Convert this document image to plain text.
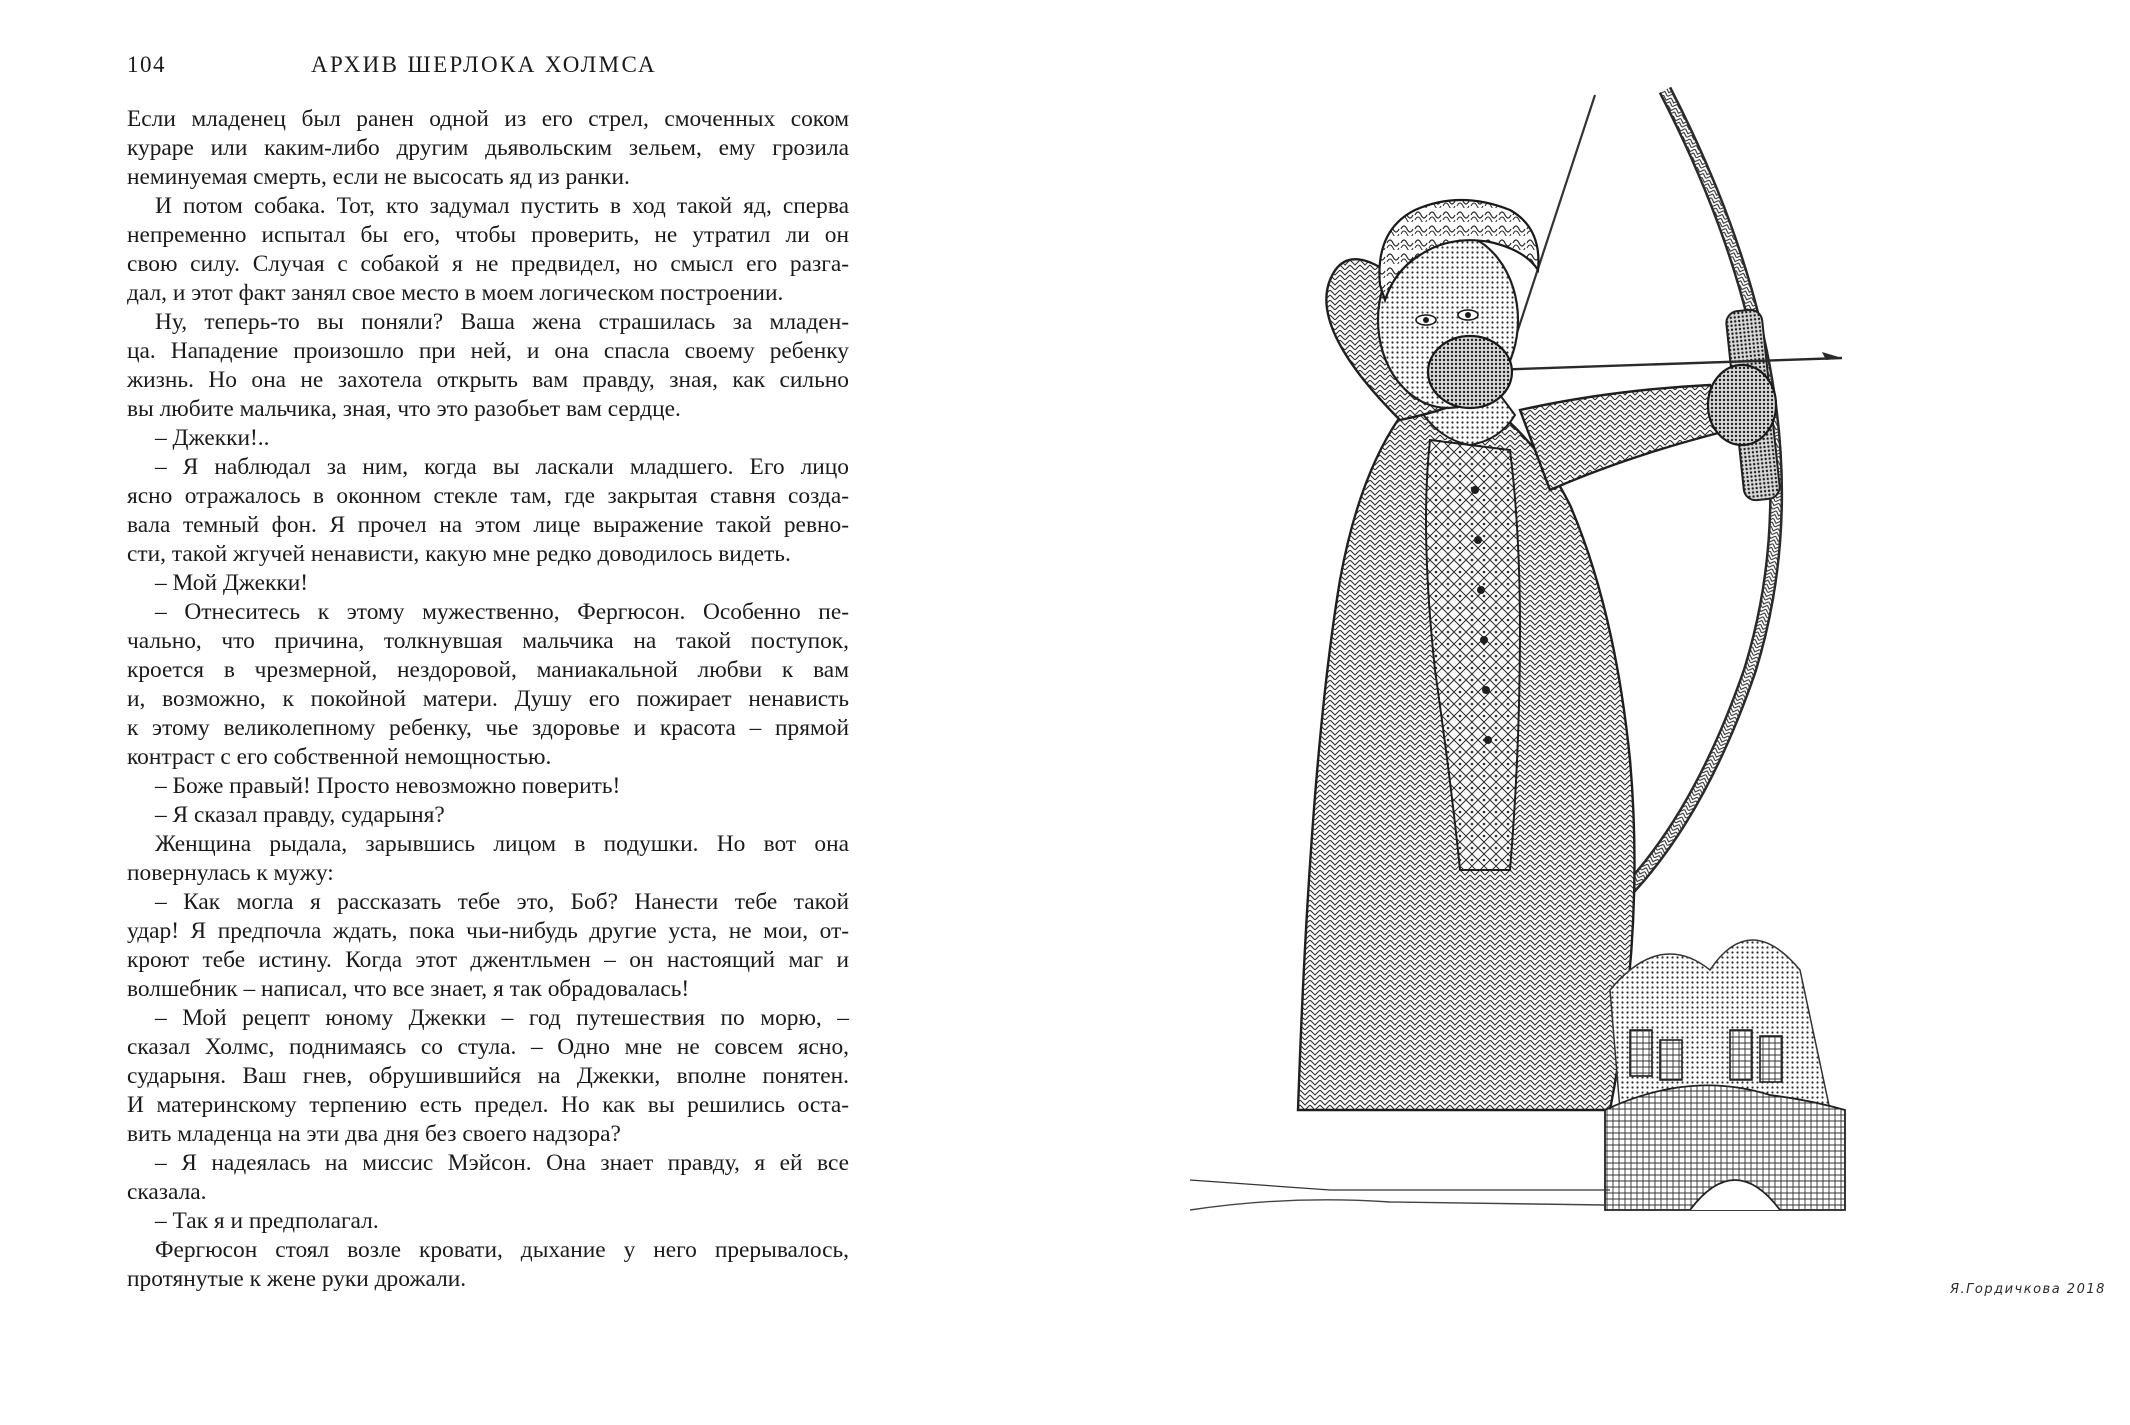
104	АРХИВ ШЕРЛОКА ХОЛМСА
Если младенец был ранен одной из его стрел, смоченных соком
кураре или каким-либо другим дьявольским зельем, ему грозила
неминуемая смерть, если не высосать яд из ранки.
И потом собака. Тот, кто задумал пустить в ход такой яд, сперва
непременно испытал бы его, чтобы проверить, не утратил ли он
свою силу. Случая с собакой я не предвидел, но смысл его разга-
дал, и этот факт занял свое место в моем логическом построении.
Ну, теперь-то вы поняли? Ваша жена страшилась за младен-
ца. Нападение произошло при ней, и она спасла своему ребенку
жизнь. Но она не захотела открыть вам правду, зная, как сильно
вы любите мальчика, зная, что это разобьет вам сердце.
– Джекки!..
– Я наблюдал за ним, когда вы ласкали младшего. Его лицо
ясно отражалось в оконном стекле там, где закрытая ставня созда-
вала темный фон. Я прочел на этом лице выражение такой ревно-
сти, такой жгучей ненависти, какую мне редко доводилось видеть.
– Мой Джекки!
– Отнеситесь к этому мужественно, Фергюсон. Особенно пе-
чально, что причина, толкнувшая мальчика на такой поступок,
кроется в чрезмерной, нездоровой, маниакальной любви к вам
и, возможно, к покойной матери. Душу его пожирает ненависть
к этому великолепному ребенку, чье здоровье и красота – прямой
контраст с его собственной немощностью.
– Боже правый! Просто невозможно поверить!
– Я сказал правду, сударыня?
Женщина рыдала, зарывшись лицом в подушки. Но вот она
повернулась к мужу:
– Как могла я рассказать тебе это, Боб? Нанести тебе такой
удар! Я предпочла ждать, пока чьи-нибудь другие уста, не мои, от-
кроют тебе истину. Когда этот джентльмен – он настоящий маг и
волшебник – написал, что все знает, я так обрадовалась!
– Мой рецепт юному Джекки – год путешествия по морю, –
сказал Холмс, поднимаясь со стула. – Одно мне не совсем ясно,
сударыня. Ваш гнев, обрушившийся на Джекки, вполне понятен.
И материнскому терпению есть предел. Но как вы решились оста-
вить младенца на эти два дня без своего надзора?
– Я надеялась на миссис Мэйсон. Она знает правду, я ей все
сказала.
– Так я и предполагал.
Фергюсон стоял возле кровати, дыхание у него прерывалось,
протянутые к жене руки дрожали.	Я.Гордичкова 2018
